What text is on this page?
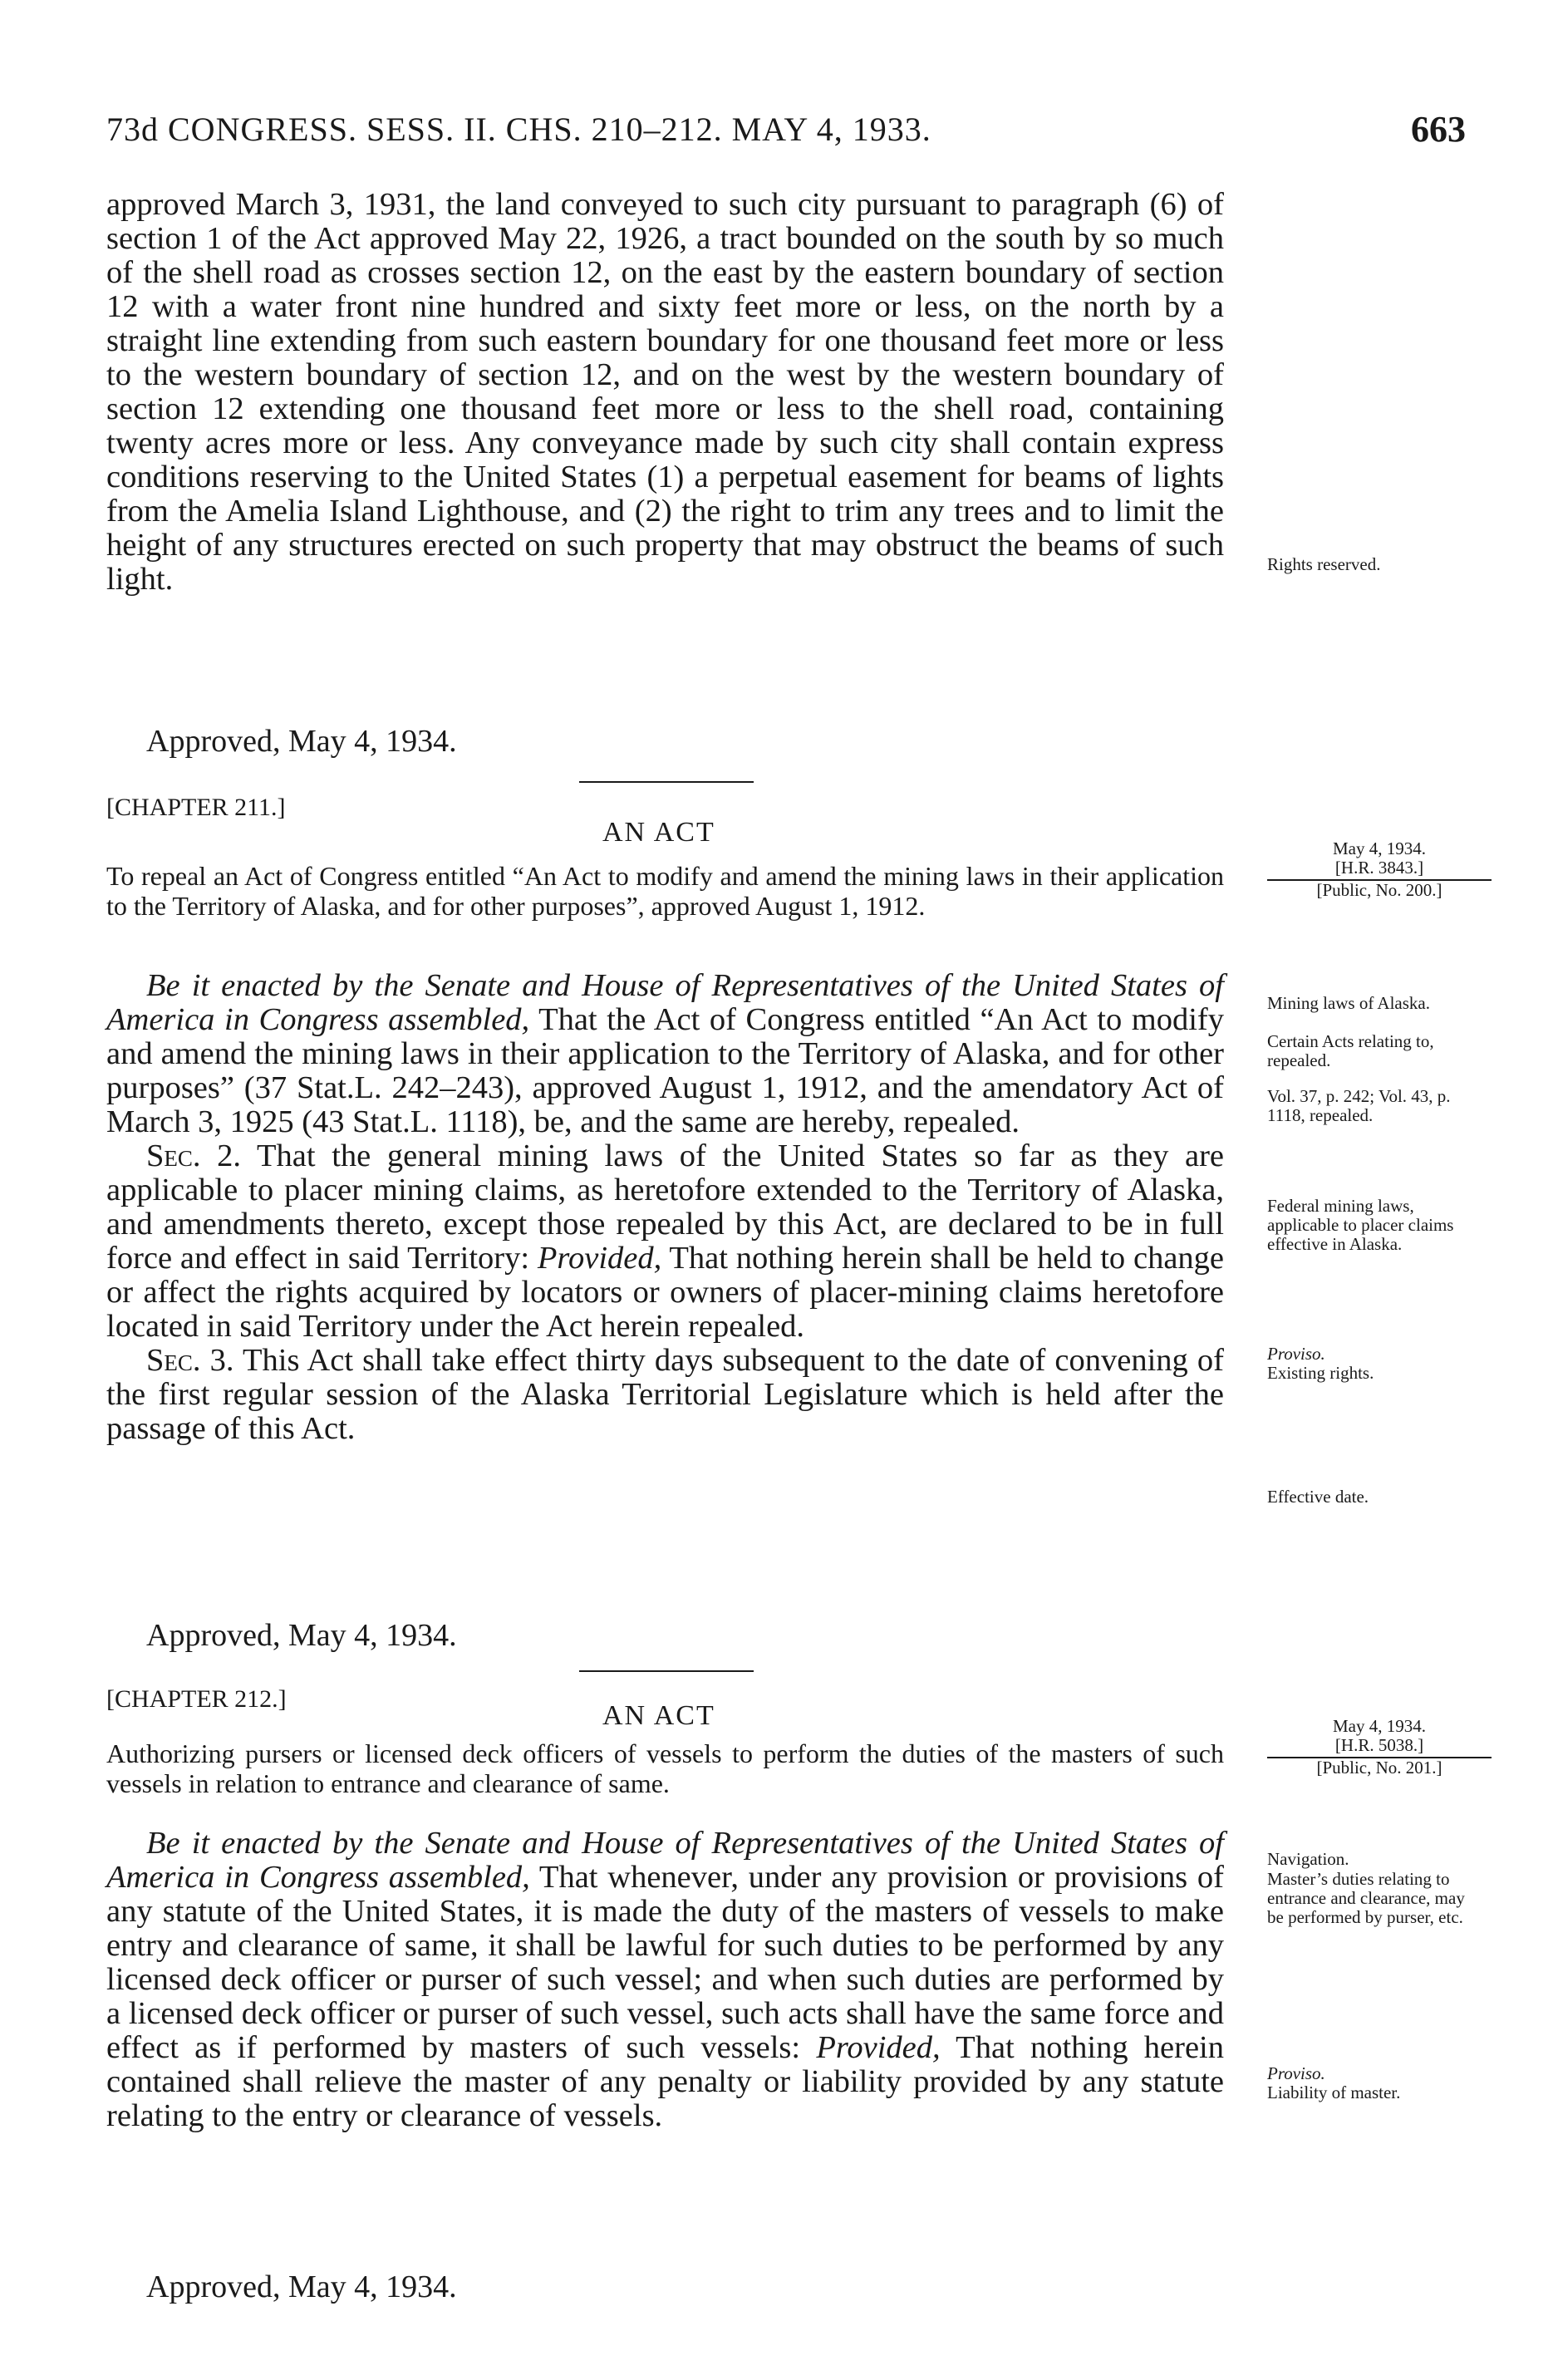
73d CONGRESS. SESS. II. CHS. 210–212. MAY 4, 1933.	663

approved March 3, 1931, the land conveyed to such city pursuant to paragraph (6) of section 1 of the Act approved May 22, 1926, a tract bounded on the south by so much of the shell road as crosses section 12, on the east by the eastern boundary of section 12 with a water front nine hundred and sixty feet more or less, on the north by a straight line extending from such eastern boundary for one thousand feet more or less to the western boundary of section 12, and on the west by the western boundary of section 12 extending one thousand feet more or less to the shell road, containing twenty acres more or less. Any conveyance made by such city shall contain express conditions reserving to the United States (1) a perpetual easement for beams of lights from the Amelia Island Lighthouse, and (2) the right to trim any trees and to limit the height of any structures erected on such property that may obstruct the beams of such light.

Approved, May 4, 1934.
Rights reserved.
[CHAPTER 211.]
AN ACT
May 4, 1934.
[H.R. 3843.]
[Public, No. 200.]
To repeal an Act of Congress entitled “An Act to modify and amend the mining laws in their application to the Territory of Alaska, and for other purposes”, approved August 1, 1912.

Be it enacted by the Senate and House of Representatives of the United States of America in Congress assembled, That the Act of Congress entitled “An Act to modify and amend the mining laws in their application to the Territory of Alaska, and for other purposes” (37 Stat.L. 242–243), approved August 1, 1912, and the amendatory Act of March 3, 1925 (43 Stat.L. 1118), be, and the same are hereby, repealed.

Sec. 2. That the general mining laws of the United States so far as they are applicable to placer mining claims, as heretofore extended to the Territory of Alaska, and amendments thereto, except those repealed by this Act, are declared to be in full force and effect in said Territory: Provided, That nothing herein shall be held to change or affect the rights acquired by locators or owners of placer-mining claims heretofore located in said Territory under the Act herein repealed.

Sec. 3. This Act shall take effect thirty days subsequent to the date of convening of the first regular session of the Alaska Territorial Legislature which is held after the passage of this Act.

Approved, May 4, 1934.
Mining laws of Alaska.
Certain Acts relating to, repealed.
Vol. 37, p. 242; Vol. 43, p. 1118, repealed.
Federal mining laws, applicable to placer claims effective in Alaska.
Proviso.
Existing rights.
Effective date.
[CHAPTER 212.]
AN ACT	May 4, 1934.
[H.R. 5038.]
[Public, No. 201.]
Authorizing pursers or licensed deck officers of vessels to perform the duties of the masters of such vessels in relation to entrance and clearance of same.

Be it enacted by the Senate and House of Representatives of the United States of America in Congress assembled, That whenever, under any provision or provisions of any statute of the United States, it is made the duty of the masters of vessels to make entry and clearance of same, it shall be lawful for such duties to be performed by any licensed deck officer or purser of such vessel; and when such duties are performed by a licensed deck officer or purser of such vessel, such acts shall have the same force and effect as if performed by masters of such vessels: Provided, That nothing herein contained shall relieve the master of any penalty or liability provided by any statute relating to the entry or clearance of vessels.

Approved, May 4, 1934.
Navigation.
Master’s duties relating to entrance and clearance, may be performed by purser, etc.
Proviso.
Liability of master.
